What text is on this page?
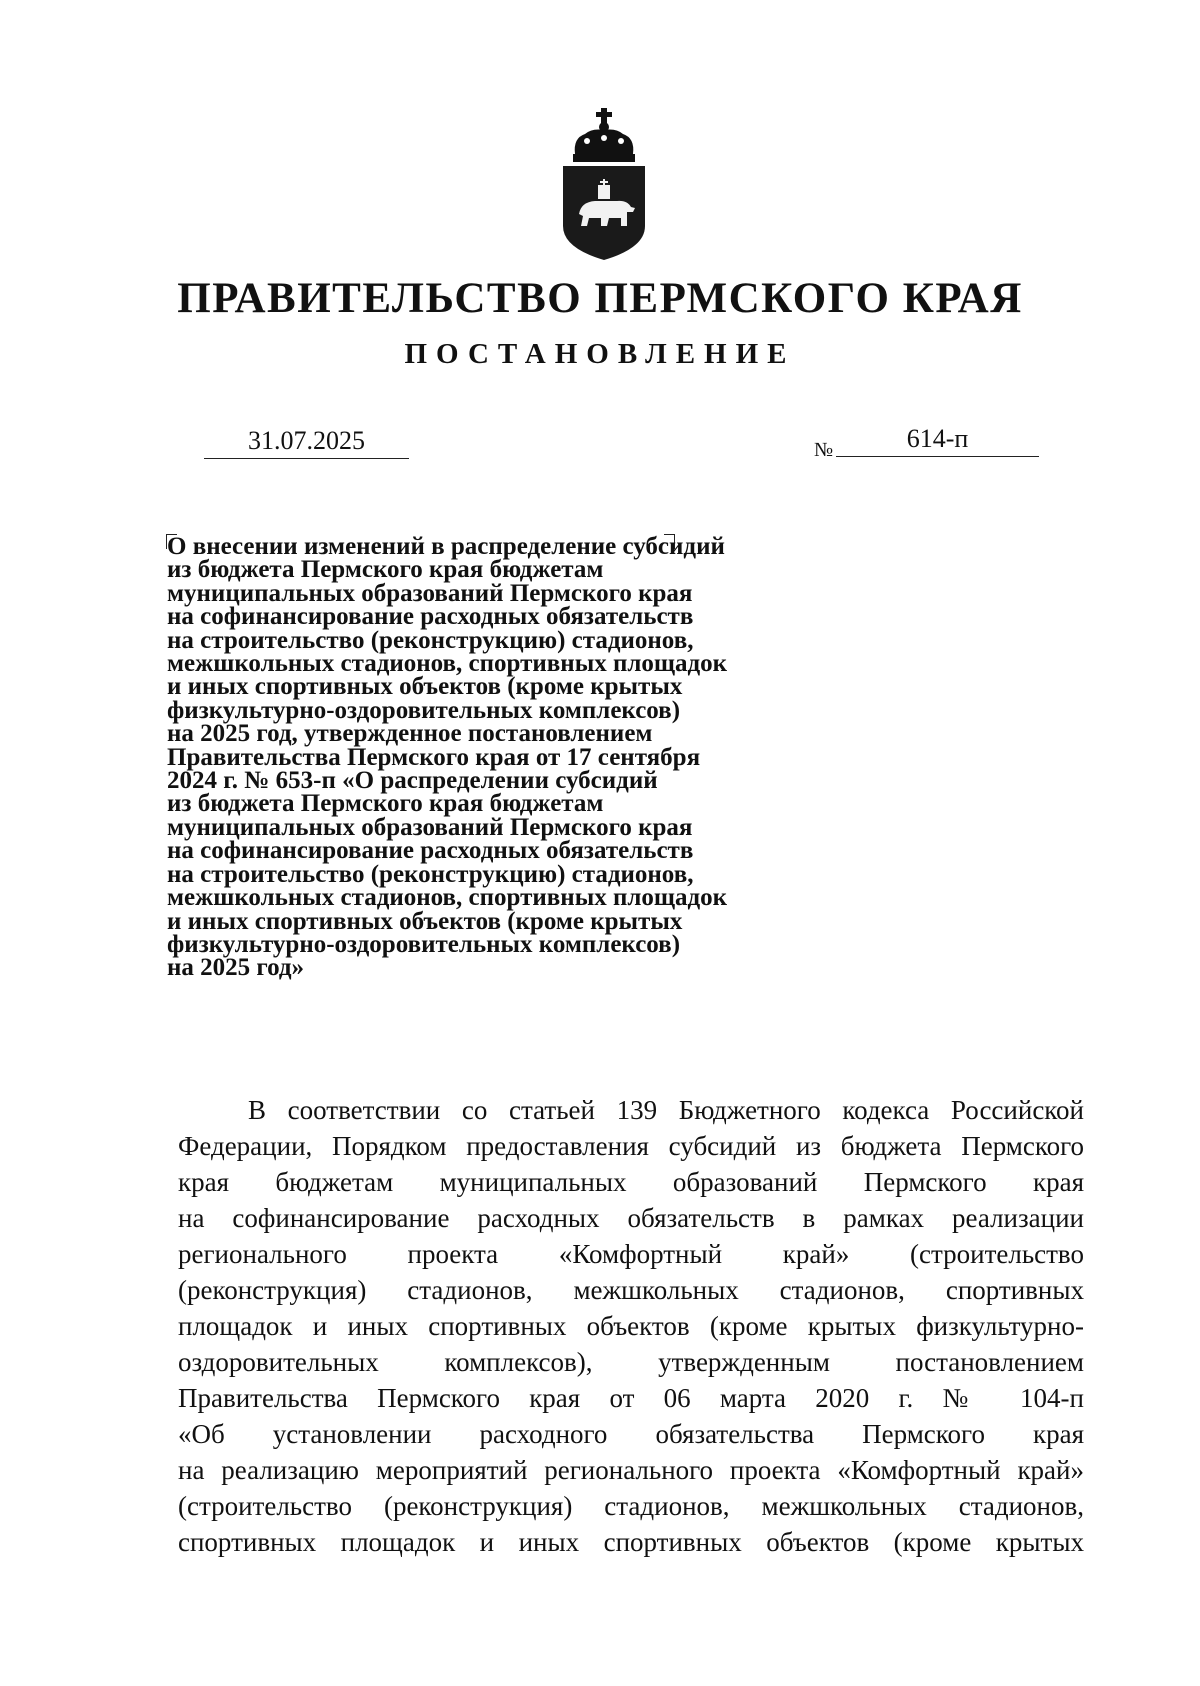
ПРАВИТЕЛЬСТВО ПЕРМСКОГО КРАЯ
ПОСТАНОВЛЕНИЕ
31.07.2025	№	614-п
О внесении изменений в распределение субсидий
из бюджета Пермского края бюджетам
муниципальных образований Пермского края
на софинансирование расходных обязательств
на строительство (реконструкцию) стадионов,
межшкольных стадионов, спортивных площадок
и иных спортивных объектов (кроме крытых
физкультурно-оздоровительных комплексов)
на 2025 год, утвержденное постановлением
Правительства Пермского края от 17 сентября
2024 г. № 653-п «О распределении субсидий
из бюджета Пермского края бюджетам
муниципальных образований Пермского края
на софинансирование расходных обязательств
на строительство (реконструкцию) стадионов,
межшкольных стадионов, спортивных площадок
и иных спортивных объектов (кроме крытых
физкультурно-оздоровительных комплексов)
на 2025 год»
В соответствии со статьей 139 Бюджетного кодекса Российской
Федерации, Порядком предоставления субсидий из бюджета Пермского
края бюджетам муниципальных образований Пермского края
на софинансирование расходных обязательств в рамках реализации
регионального проекта «Комфортный край» (строительство
(реконструкция) стадионов, межшкольных стадионов, спортивных
площадок и иных спортивных объектов (кроме крытых физкультурно-
оздоровительных комплексов), утвержденным постановлением
Правительства Пермского края от 06 марта 2020 г. № 104-п
«Об установлении расходного обязательства Пермского края
на реализацию мероприятий регионального проекта «Комфортный край»
(строительство (реконструкция) стадионов, межшкольных стадионов,
спортивных площадок и иных спортивных объектов (кроме крытых
